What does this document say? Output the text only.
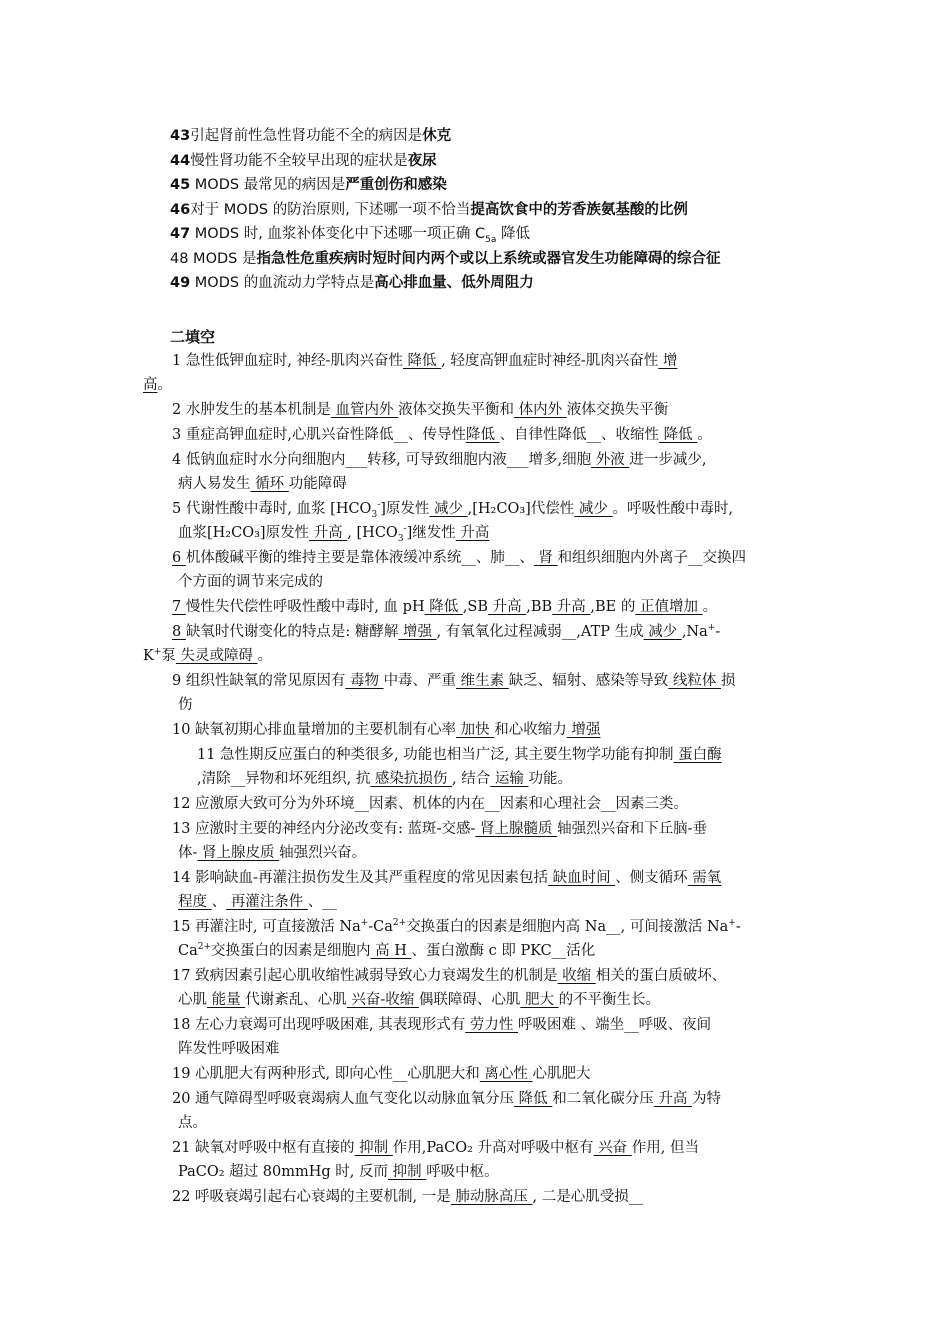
43引起肾前性急性肾功能不全的病因是休克
44慢性肾功能不全较早出现的症状是夜尿
45 MODS 最常见的病因是严重创伤和感染
46对于 MODS 的防治原则, 下述哪一项不恰当提高饮食中的芳香族氨基酸的比例
47 MODS 时, 血浆补体变化中下述哪一项正确 $C_{5a}$ 降低
48 MODS 是指急性危重疾病时短时间内两个或以上系统或器官发生功能障碍的综合征
49 MODS 的血流动力学特点是高心排血量、低外周阻力
二填空
1 急性低钾血症时, 神经-肌肉兴奋性 降低 , 轻度高钾血症时神经-肌肉兴奋性 增
高。
2 水肿发生的基本机制是 血管内外 液体交换失平衡和 体内外 液体交换失平衡
3 重症高钾血症时,心肌兴奋性降低__、传导性降低 、自律性降低__、收缩性 降低 。
4 低钠血症时水分向细胞内___转移, 可导致细胞内液___增多,细胞 外液 进一步减少,
病人易发生 循环 功能障碍
5 代谢性酸中毒时, 血浆 $[HCO_3^-]$原发性 减少 ,[H₂CO₃]代偿性 减少 。呼吸性酸中毒时,
血浆[H₂CO₃]原发性 升高 , $[HCO_3^-]$继发性 升高
6 机体酸碱平衡的维持主要是靠体液缓冲系统__、肺__、 肾 和组织细胞内外离子__交换四
个方面的调节来完成的
7 慢性失代偿性呼吸性酸中毒时, 血 pH 降低 ,SB 升高 ,BB 升高 ,BE 的 正值增加 。
8 缺氧时代谢变化的特点是: 糖酵解 增强 , 有氧氧化过程减弱__,ATP 生成 减少 ,Na+-
K+泵 失灵或障碍 。
9 组织性缺氧的常见原因有 毒物 中毒、严重 维生素 缺乏、辐射、感染等导致 线粒体 损
伤
10 缺氧初期心排血量增加的主要机制有心率 加快 和心收缩力 增强
11 急性期反应蛋白的种类很多, 功能也相当广泛, 其主要生物学功能有抑制 蛋白酶
,清除__异物和坏死组织, 抗 感染抗损伤 , 结合 运输 功能。
12 应激原大致可分为外环境__因素、机体的内在__因素和心理社会__因素三类。
13 应激时主要的神经内分泌改变有: 蓝斑-交感- 肾上腺髓质 轴强烈兴奋和下丘脑-垂
体- 肾上腺皮质 轴强烈兴奋。
14 影响缺血-再灌注损伤发生及其严重程度的常见因素包括 缺血时间 、侧支循环 需氧
程度 、 再灌注条件 、__
15 再灌注时, 可直接激活 $Na^+-Ca^{2+}$交换蛋白的因素是细胞内高 Na__, 可间接激活 Na+-
$Ca^{2+}$交换蛋白的因素是细胞内 高 H 、蛋白激酶 c 即 PKC__活化
17 致病因素引起心肌收缩性减弱导致心力衰竭发生的机制是 收缩 相关的蛋白质破坏、
心肌 能量 代谢紊乱、心肌 兴奋-收缩 偶联障碍、心肌 肥大 的不平衡生长。
18 左心力衰竭可出现呼吸困难, 其表现形式有 劳力性 呼吸困难 、端坐__呼吸、夜间
阵发性呼吸困难
19 心肌肥大有两种形式, 即向心性__心肌肥大和 离心性 心肌肥大
20 通气障碍型呼吸衰竭病人血气变化以动脉血氧分压 降低 和二氧化碳分压 升高 为特
点。
21 缺氧对呼吸中枢有直接的 抑制 作用,PaCO₂ 升高对呼吸中枢有 兴奋 作用, 但当
PaCO₂ 超过 80mmHg 时, 反而 抑制 呼吸中枢。
22 呼吸衰竭引起右心衰竭的主要机制, 一是 肺动脉高压 , 二是心肌受损__
